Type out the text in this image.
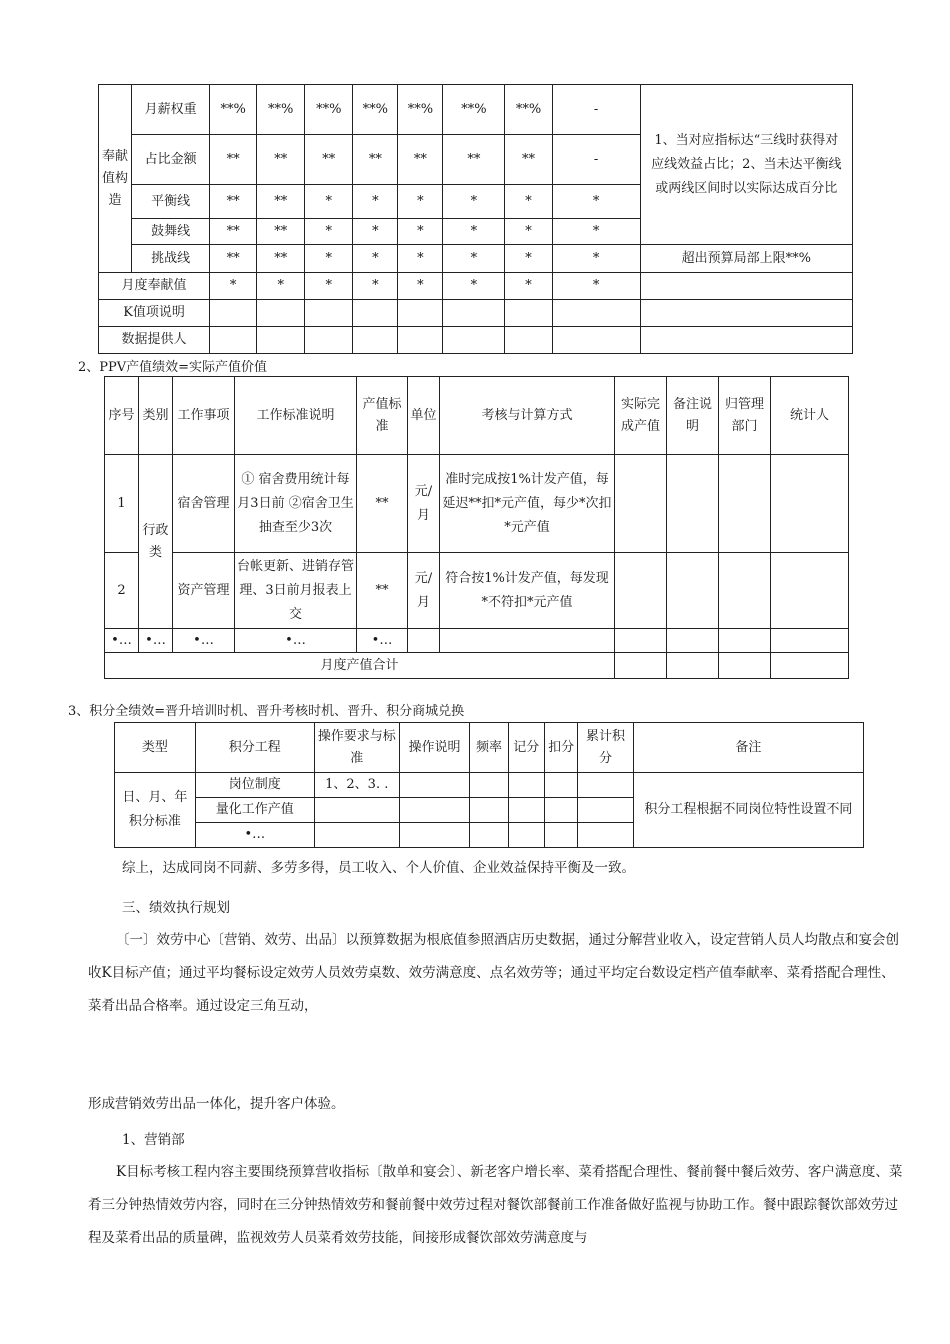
奉献值构造	月薪权重	**%	**%	**%	**%	**%	**%	**%	-	1、当对应指标达“三线时获得对应线效益占比；2、当未达平衡线或两线区间时以实际达成百分比
	占比金额	**	**	**	**	**	**	**	-	
	平衡线	**	**	*	*	*	*	*	*	
	鼓舞线	**	**	*	*	*	*	*	*	
	挑战线	**	**	*	*	*	*	*	*	超出预算局部上限**%
月度奉献值		*	*	*	*	*	*	*	*	
K值项说明										
数据提供人										
2、PPV产值绩效=实际产值价值
序号	类别	工作事项	工作标准说明	产值标准	单位	考核与计算方式	实际完成产值	备注说明	归管理部门	统计人
1	行政类	宿舍管理	① 宿舍费用统计每月3日前 ②宿舍卫生抽查至少3次	**	元/月	准时完成按1%计发产值，每延迟**扣*元产值，每少*次扣*元产值				
2		资产管理	台帐更新、进销存管理、3日前月报表上交	**	元/月	符合按1%计发产值，每发现*不符扣*元产值				
•…	•…	•…	•…	•…						
月度产值合计										
3、积分全绩效=晋升培训时机、晋升考核时机、晋升、积分商城兑换
类型	积分工程	操作要求与标准	操作说明	频率	记分	扣分	累计积分	备注
日、月、年积分标准	岗位制度	1、2、3. .						积分工程根据不同岗位特性设置不同
	量化工作产值							
	•…							
综上，达成同岗不同薪、多劳多得，员工收入、个人价值、企业效益保持平衡及一致。
三、绩效执行规划
〔一〕效劳中心〔营销、效劳、出品〕以预算数据为根底值参照酒店历史数据，通过分解营业收入，设定营销人员人均散点和宴会创收K目标产值；通过平均餐标设定效劳人员效劳桌数、效劳满意度、点名效劳等；通过平均定台数设定档产值奉献率、菜肴搭配合理性、菜肴出品合格率。通过设定三角互动，
形成营销效劳出品一体化，提升客户体验。
1、营销部
K目标考核工程内容主要围绕预算营收指标〔散单和宴会〕、新老客户增长率、菜肴搭配合理性、餐前餐中餐后效劳、客户满意度、菜肴三分钟热情效劳内容，同时在三分钟热情效劳和餐前餐中效劳过程对餐饮部餐前工作准备做好监视与协助工作。餐中跟踪餐饮部效劳过程及菜肴出品的质量碑，监视效劳人员菜肴效劳技能，间接形成餐饮部效劳满意度与
